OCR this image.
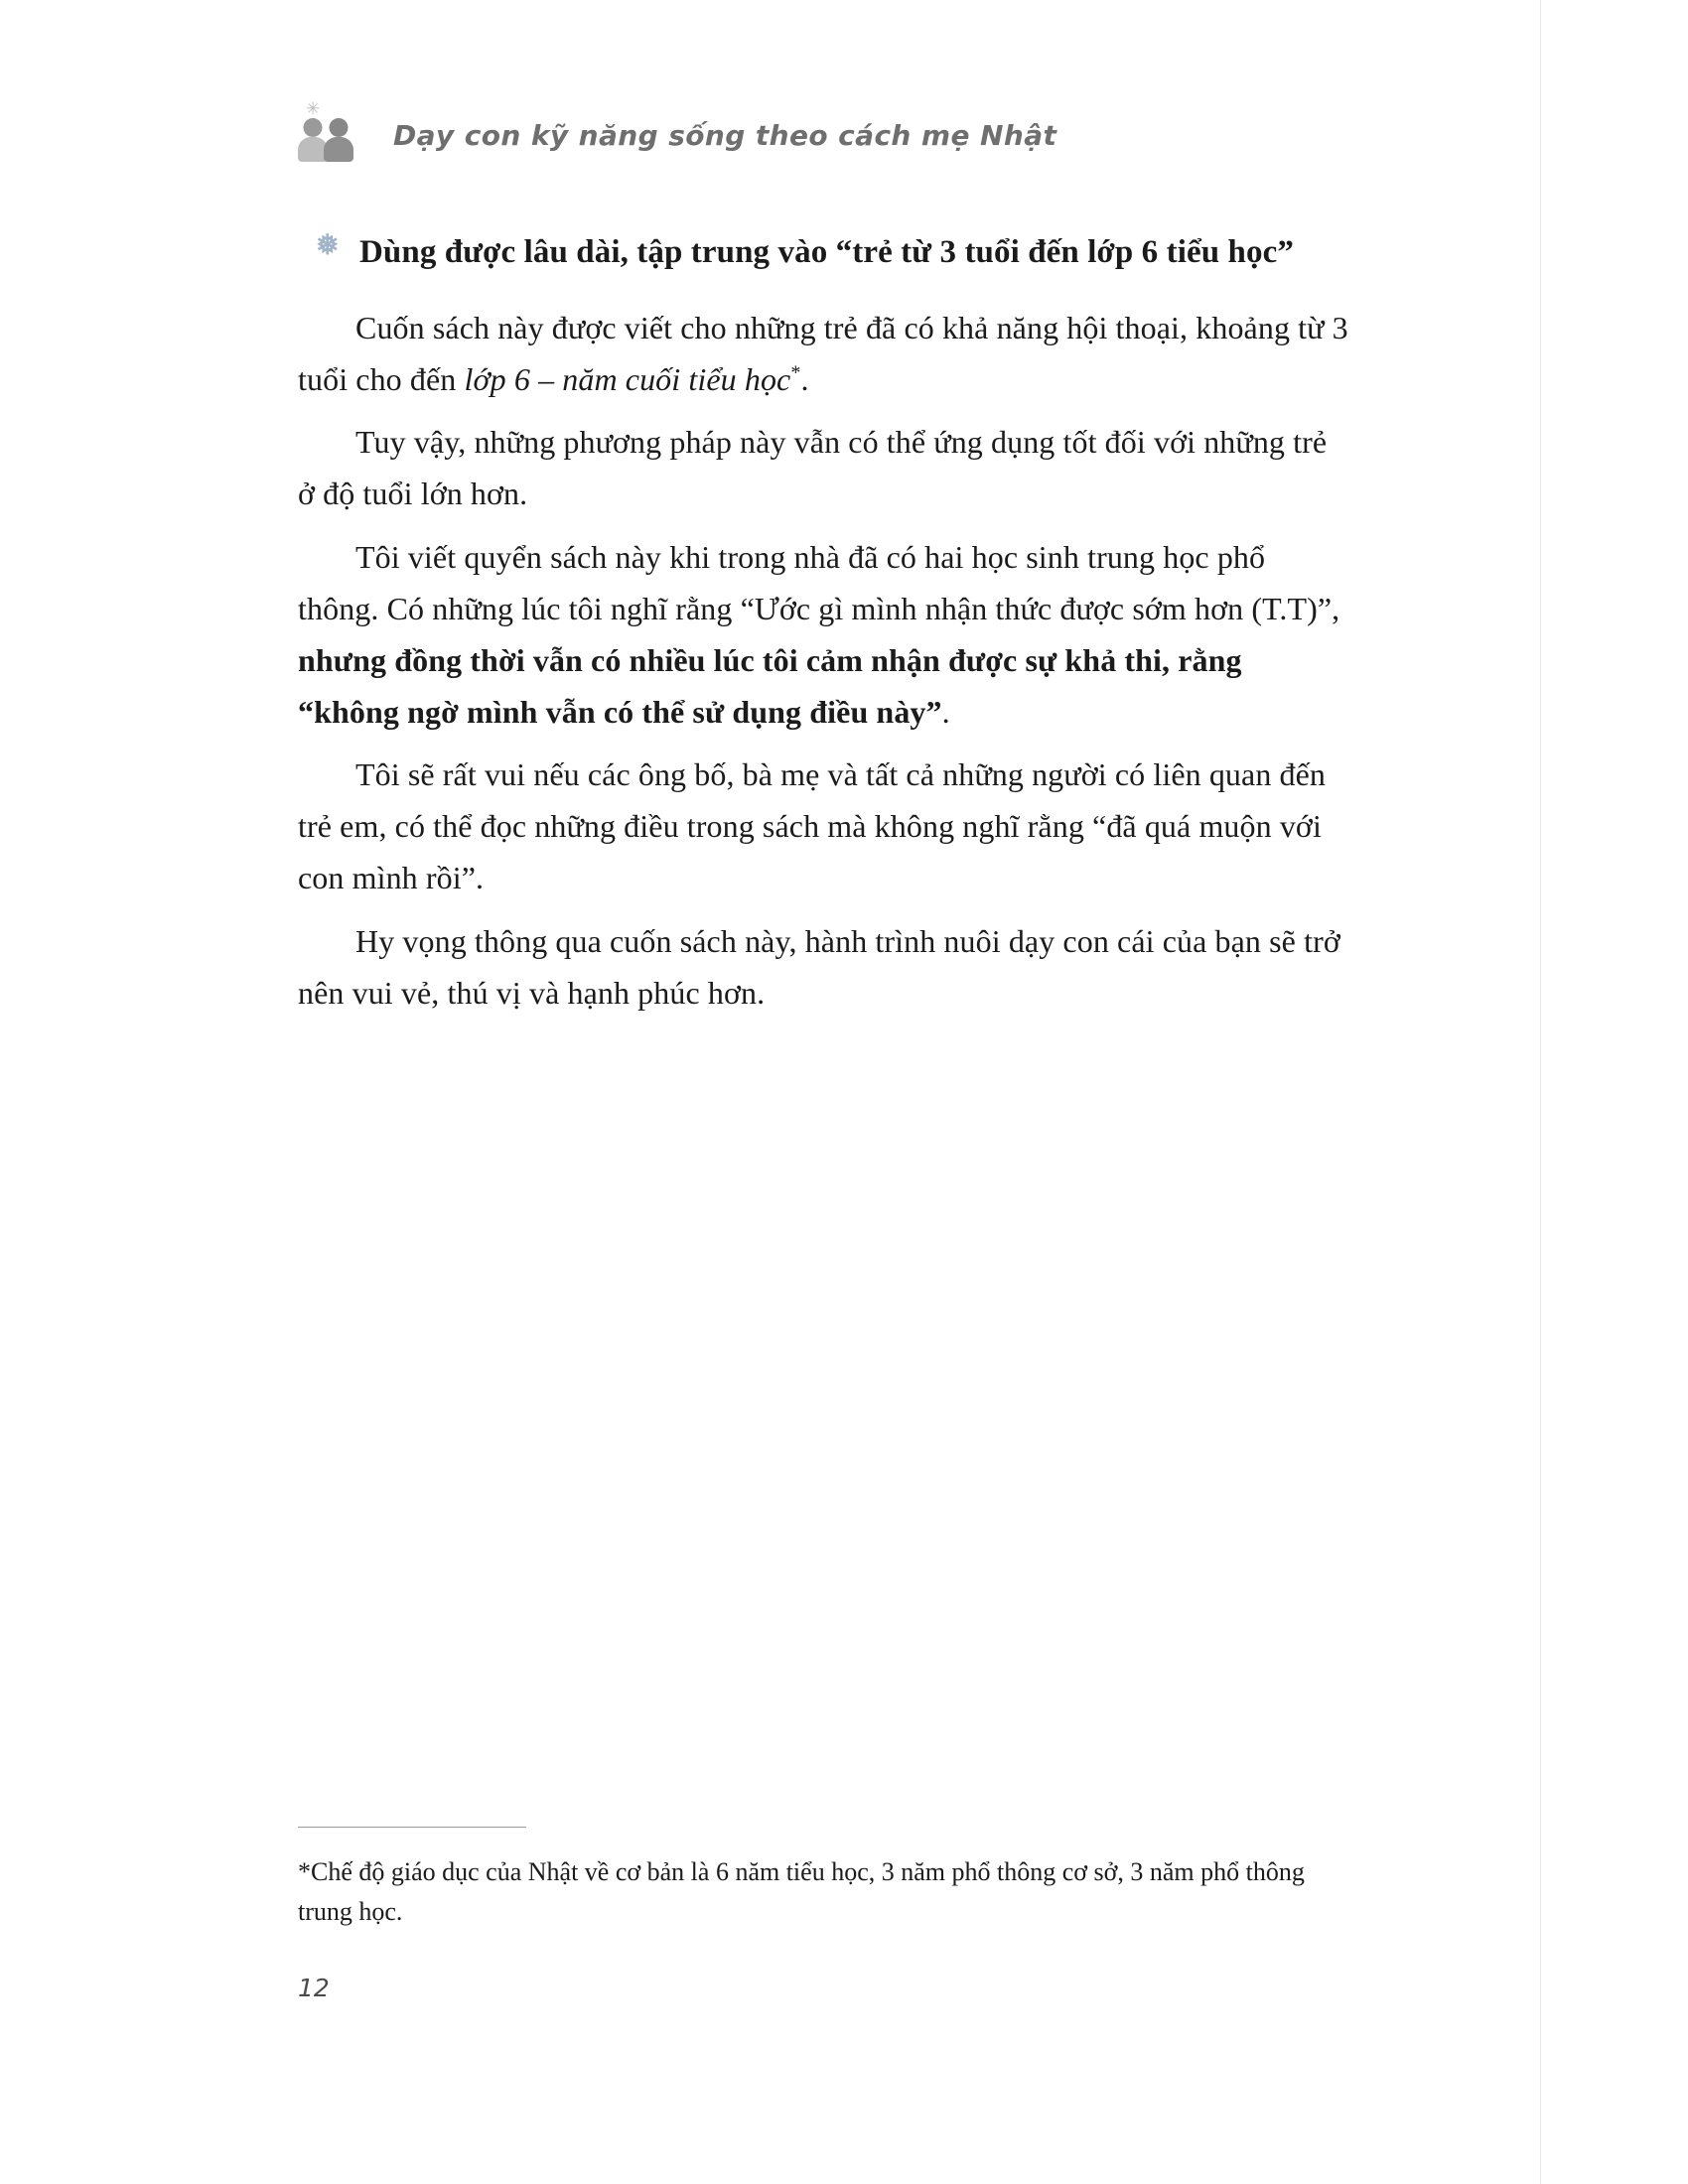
✳
Dạy con kỹ năng sống theo cách mẹ Nhật
❅ Dùng được lâu dài, tập trung vào “trẻ từ 3 tuổi đến lớp 6 tiểu học”

Cuốn sách này được viết cho những trẻ đã có khả năng hội thoại, khoảng từ 3 tuổi cho đến lớp 6 – năm cuối tiểu học*.

Tuy vậy, những phương pháp này vẫn có thể ứng dụng tốt đối với những trẻ ở độ tuổi lớn hơn.

Tôi viết quyển sách này khi trong nhà đã có hai học sinh trung học phổ thông. Có những lúc tôi nghĩ rằng “Ước gì mình nhận thức được sớm hơn (T.T)”, nhưng đồng thời vẫn có nhiều lúc tôi cảm nhận được sự khả thi, rằng “không ngờ mình vẫn có thể sử dụng điều này”.

Tôi sẽ rất vui nếu các ông bố, bà mẹ và tất cả những người có liên quan đến trẻ em, có thể đọc những điều trong sách mà không nghĩ rằng “đã quá muộn với con mình rồi”.

Hy vọng thông qua cuốn sách này, hành trình nuôi dạy con cái của bạn sẽ trở nên vui vẻ, thú vị và hạnh phúc hơn.

*Chế độ giáo dục của Nhật về cơ bản là 6 năm tiểu học, 3 năm phổ thông cơ sở, 3 năm phổ thông trung học.
12
